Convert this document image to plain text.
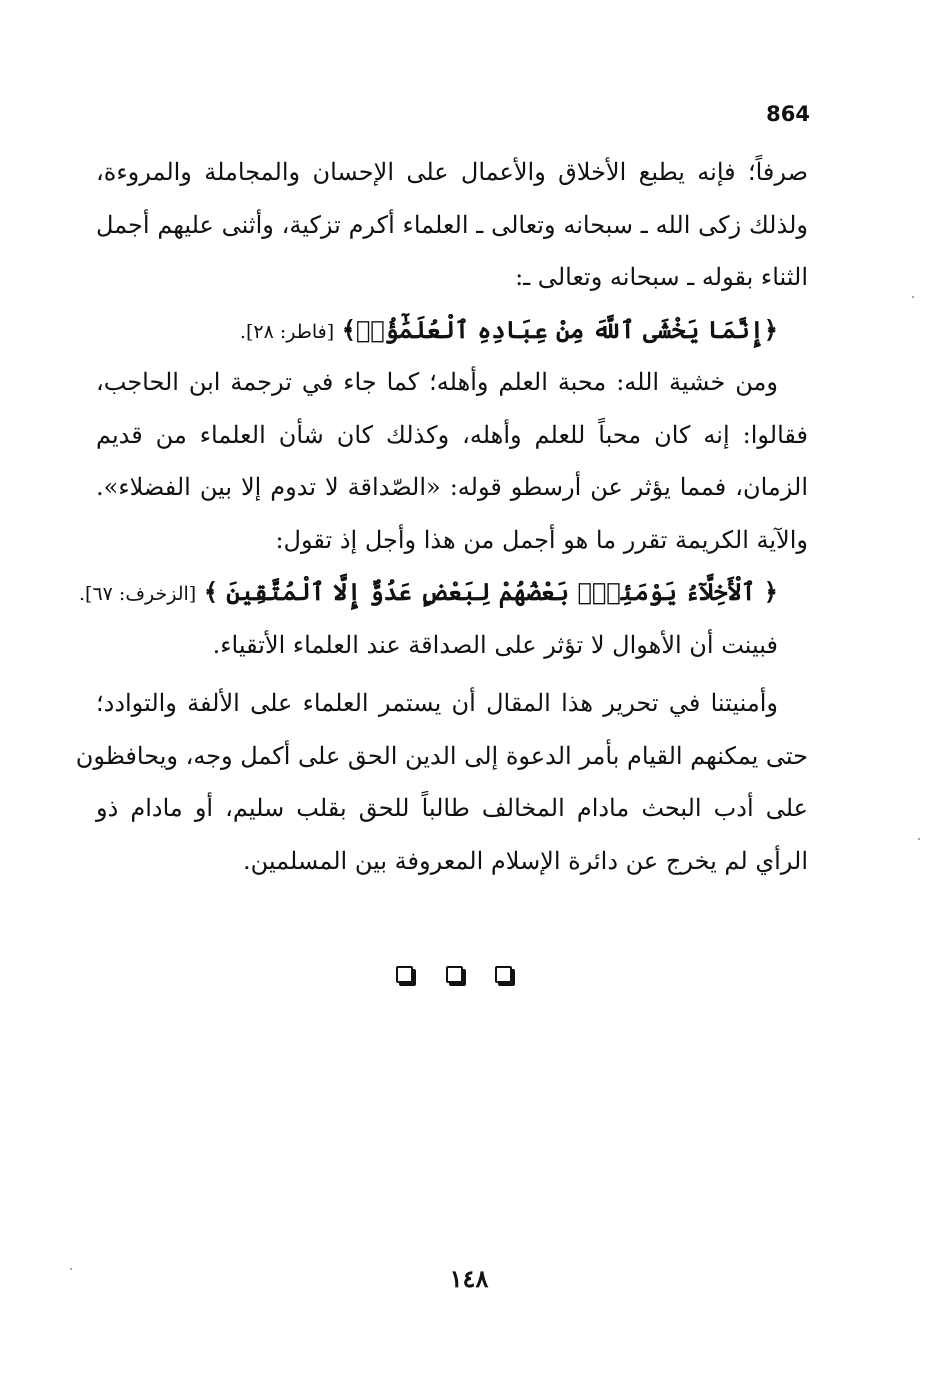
864
صرفاً؛ فإنه يطبع الأخلاق والأعمال على الإحسان والمجاملة والمروءة،
ولذلك زكى الله ـ سبحانه وتعالى ـ العلماء أكرم تزكية، وأثنى عليهم أجمل
الثناء بقوله ـ سبحانه وتعالى ـ:
﴿إِنَّمَا يَخْشَى ٱللَّهَ مِنْ عِبَادِهِ ٱلْعُلَمَٰٓؤُا۟﴾ [فاطر: ٢٨].
ومن خشية الله: محبة العلم وأهله؛ كما جاء في ترجمة ابن الحاجب،
فقالوا: إنه كان محباً للعلم وأهله، وكذلك كان شأن العلماء من قديم
الزمان، فمما يؤثر عن أرسطو قوله: «الصّداقة لا تدوم إلا بين الفضلاء».
والآية الكريمة تقرر ما هو أجمل من هذا وأجل إذ تقول:
﴿ ٱلْأَخِلَّآءُ يَوْمَئِذٍۭ بَعْضُهُمْ لِبَعْضٍ عَدُوٌّ إِلَّا ٱلْمُتَّقِينَ ﴾ [الزخرف: ٦٧].
فبينت أن الأهوال لا تؤثر على الصداقة عند العلماء الأتقياء.
وأمنيتنا في تحرير هذا المقال أن يستمر العلماء على الألفة والتوادد؛
حتى يمكنهم القيام بأمر الدعوة إلى الدين الحق على أكمل وجه، ويحافظون
على أدب البحث مادام المخالف طالباً للحق بقلب سليم، أو مادام ذو
الرأي لم يخرج عن دائرة الإسلام المعروفة بين المسلمين.
١٤٨
